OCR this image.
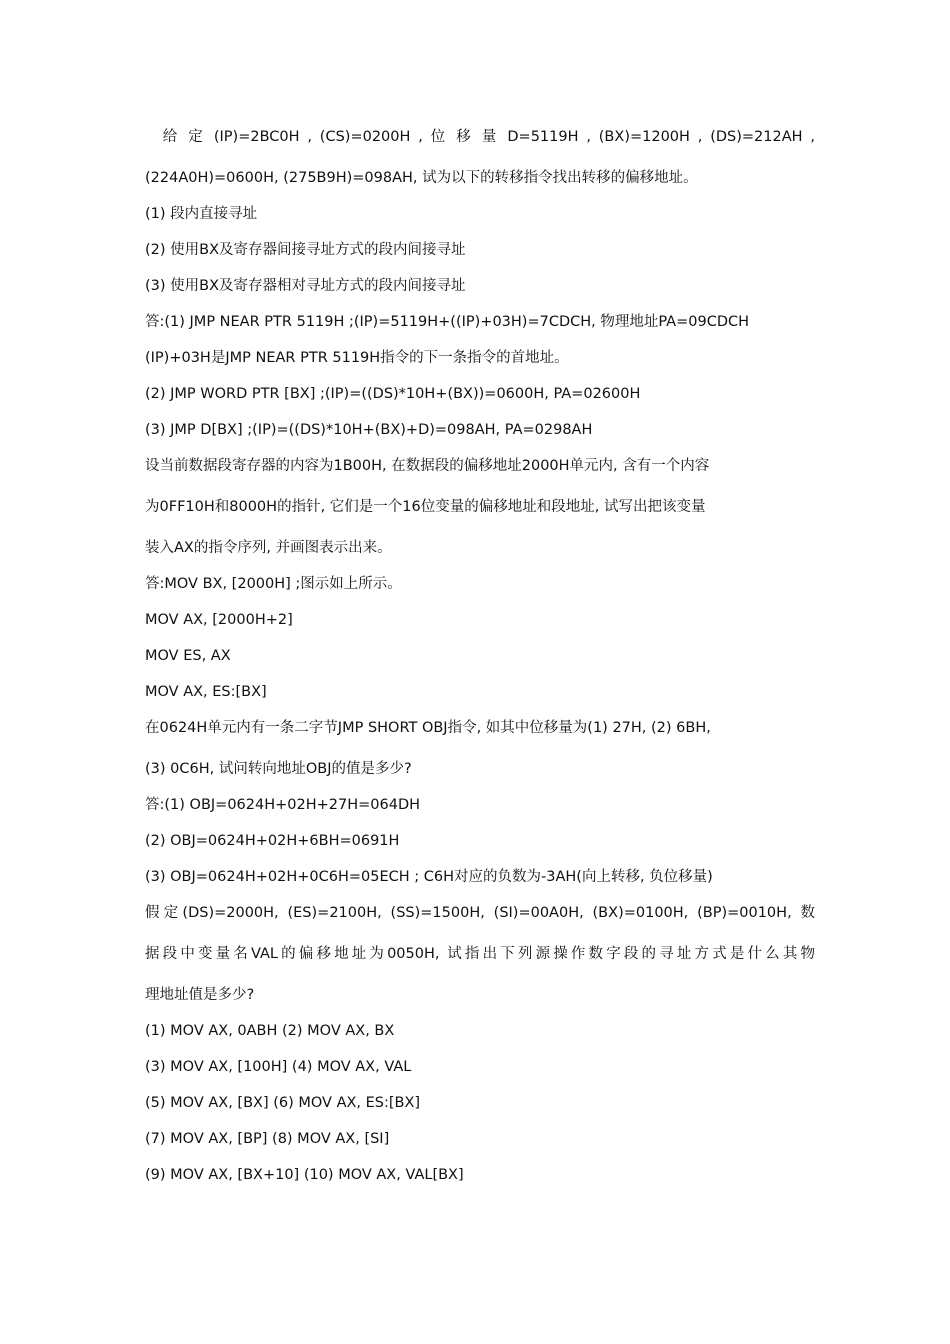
　给 定 (IP)=2BC0H , (CS)=0200H , 位 移 量 D=5119H , (BX)=1200H , (DS)=212AH ,
(224A0H)=0600H, (275B9H)=098AH, 试为以下的转移指令找出转移的偏移地址。
(1) 段内直接寻址
(2) 使用BX及寄存器间接寻址方式的段内间接寻址
(3) 使用BX及寄存器相对寻址方式的段内间接寻址
答:(1) JMP NEAR PTR 5119H ;(IP)=5119H+((IP)+03H)=7CDCH, 物理地址PA=09CDCH
(IP)+03H是JMP NEAR PTR 5119H指令的下一条指令的首地址。
(2) JMP WORD PTR [BX] ;(IP)=((DS)*10H+(BX))=0600H, PA=02600H
(3) JMP D[BX] ;(IP)=((DS)*10H+(BX)+D)=098AH, PA=0298AH
设当前数据段寄存器的内容为1B00H, 在数据段的偏移地址2000H单元内, 含有一个内容
为0FF10H和8000H的指针, 它们是一个16位变量的偏移地址和段地址, 试写出把该变量
装入AX的指令序列, 并画图表示出来。
答:MOV BX, [2000H] ;图示如上所示。
MOV AX, [2000H+2]
MOV ES, AX
MOV AX, ES:[BX]
在0624H单元内有一条二字节JMP SHORT OBJ指令, 如其中位移量为(1) 27H, (2) 6BH,
(3) 0C6H, 试问转向地址OBJ的值是多少?
答:(1) OBJ=0624H+02H+27H=064DH
(2) OBJ=0624H+02H+6BH=0691H
(3) OBJ=0624H+02H+0C6H=05ECH ; C6H对应的负数为-3AH(向上转移, 负位移量)
假定(DS)=2000H, (ES)=2100H, (SS)=1500H, (SI)=00A0H, (BX)=0100H, (BP)=0010H, 数
据段中变量名VAL的偏移地址为0050H, 试指出下列源操作数字段的寻址方式是什么其物
理地址值是多少?
(1) MOV AX, 0ABH (2) MOV AX, BX
(3) MOV AX, [100H] (4) MOV AX, VAL
(5) MOV AX, [BX] (6) MOV AX, ES:[BX]
(7) MOV AX, [BP] (8) MOV AX, [SI]
(9) MOV AX, [BX+10] (10) MOV AX, VAL[BX]
